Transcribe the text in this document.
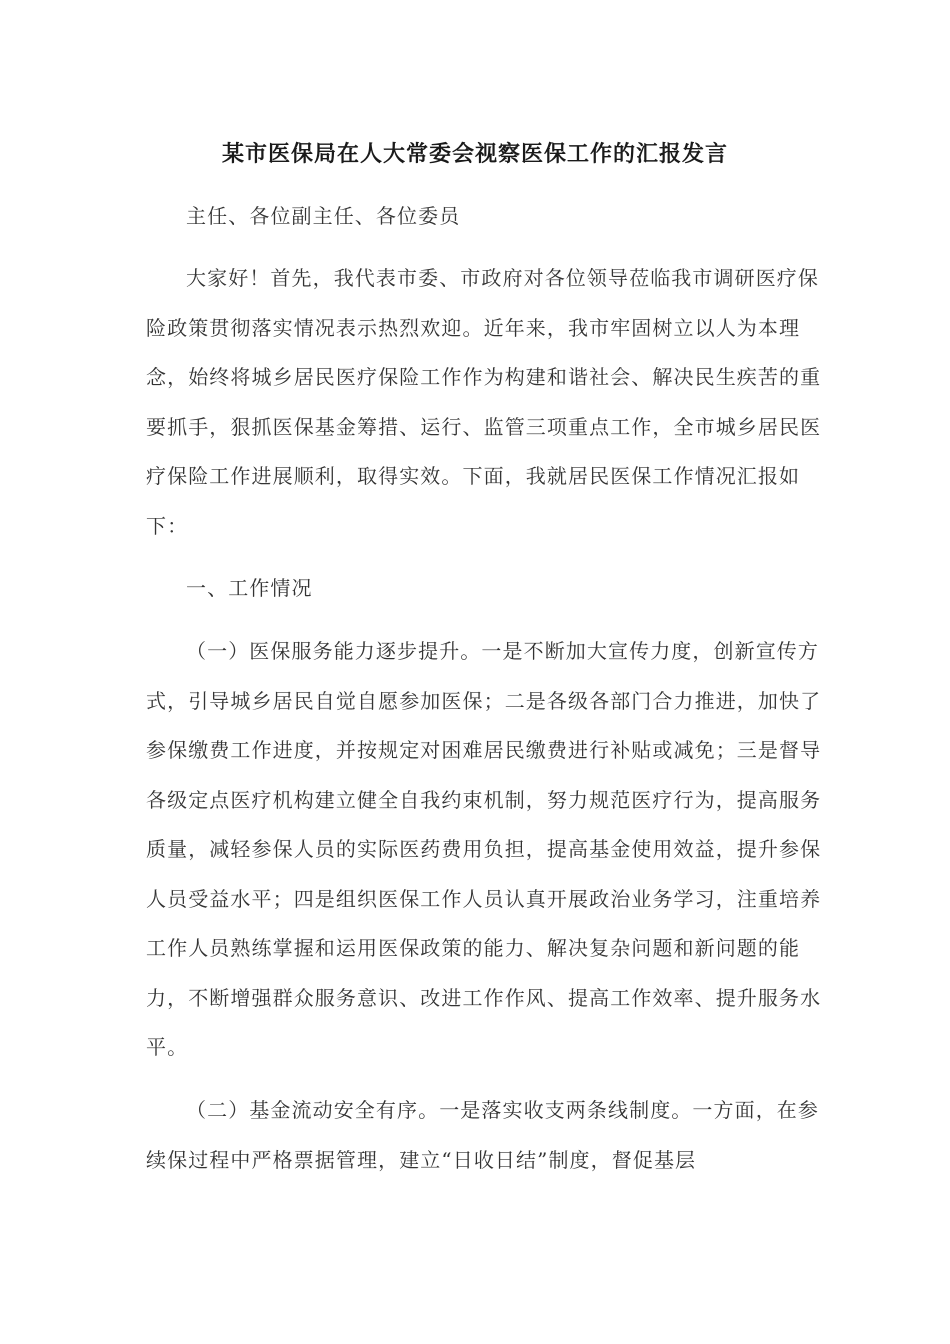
某市医保局在人大常委会视察医保工作的汇报发言

主任、各位副主任、各位委员

大家好！首先，我代表市委、市政府对各位领导莅临我市调研医疗保险政策贯彻落实情况表示热烈欢迎。近年来，我市牢固树立以人为本理念，始终将城乡居民医疗保险工作作为构建和谐社会、解决民生疾苦的重要抓手，狠抓医保基金筹措、运行、监管三项重点工作，全市城乡居民医疗保险工作进展顺利，取得实效。下面，我就居民医保工作情况汇报如下：

一、工作情况

（一）医保服务能力逐步提升。一是不断加大宣传力度，创新宣传方式，引导城乡居民自觉自愿参加医保；二是各级各部门合力推进，加快了参保缴费工作进度，并按规定对困难居民缴费进行补贴或减免；三是督导各级定点医疗机构建立健全自我约束机制，努力规范医疗行为，提高服务质量，减轻参保人员的实际医药费用负担，提高基金使用效益，提升参保人员受益水平；四是组织医保工作人员认真开展政治业务学习，注重培养工作人员熟练掌握和运用医保政策的能力、解决复杂问题和新问题的能力，不断增强群众服务意识、改进工作作风、提高工作效率、提升服务水平。

（二）基金流动安全有序。一是落实收支两条线制度。一方面，在参续保过程中严格票据管理，建立“日收日结”制度，督促基层
